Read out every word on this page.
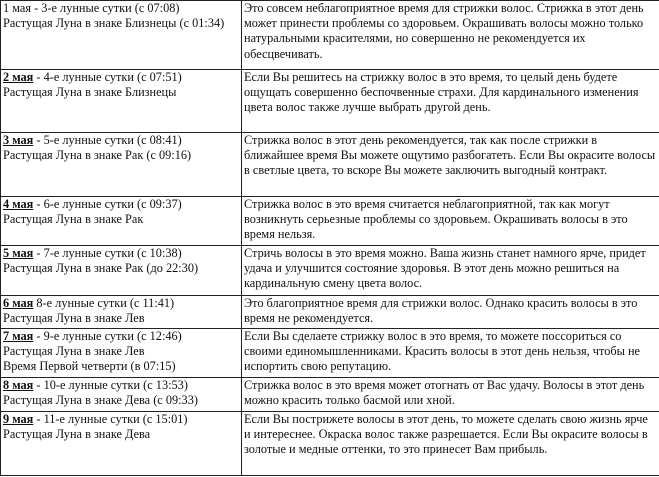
1 мая - 3-е лунные сутки (с 07:08)
Растущая Луна в знаке Близнецы (с 01:34)	Это совсем неблагоприятное время для стрижки волос. Стрижка в этот день может принести проблемы со здоровьем. Окрашивать волосы можно только натуральными красителями, но совершенно не рекомендуется их обесцвечивать.

2 мая - 4-е лунные сутки (с 07:51)
Растущая Луна в знаке Близнецы	Если Вы решитесь на стрижку волос в это время, то целый день будете ощущать совершенно беспочвенные страхи. Для кардинального изменения цвета волос также лучше выбрать другой день.

3 мая - 5-е лунные сутки (с 08:41)
Растущая Луна в знаке Рак (с 09:16)	Стрижка волос в этот день рекомендуется, так как после стрижки в ближайшее время Вы можете ощутимо разбогатеть. Если Вы окрасите волосы в светлые цвета, то вскоре Вы можете заключить выгодный контракт.

4 мая - 6-е лунные сутки (с 09:37)
Растущая Луна в знаке Рак	Стрижка волос в это время считается неблагоприятной, так как могут возникнуть серьезные проблемы со здоровьем. Окрашивать волосы в это время нельзя.

5 мая - 7-е лунные сутки (с 10:38)
Растущая Луна в знаке Рак (до 22:30)	Стричь волосы в это время можно. Ваша жизнь станет намного ярче, придет удача и улучшится состояние здоровья. В этот день можно решиться на кардинальную смену цвета волос.

6 мая 8-е лунные сутки (с 11:41)
Растущая Луна в знаке Лев	Это благоприятное время для стрижки волос. Однако красить волосы в это время не рекомендуется.

7 мая - 9-е лунные сутки (с 12:46)
Растущая Луна в знаке Лев
Время Первой четверти (в 07:15)	Если Вы сделаете стрижку волос в это время, то можете поссориться со своими единомышленниками. Красить волосы в этот день нельзя, чтобы не испортить свою репутацию.

8 мая - 10-е лунные сутки (с 13:53)
Растущая Луна в знаке Дева (с 09:33)	Стрижка волос в это время может отогнать от Вас удачу. Волосы в этот день можно красить только басмой или хной.

9 мая - 11-е лунные сутки (с 15:01)
Растущая Луна в знаке Дева	Если Вы пострижете волосы в этот день, то можете сделать свою жизнь ярче и интереснее. Окраска волос также разрешается. Если Вы окрасите волосы в золотые и медные оттенки, то это принесет Вам прибыль.
